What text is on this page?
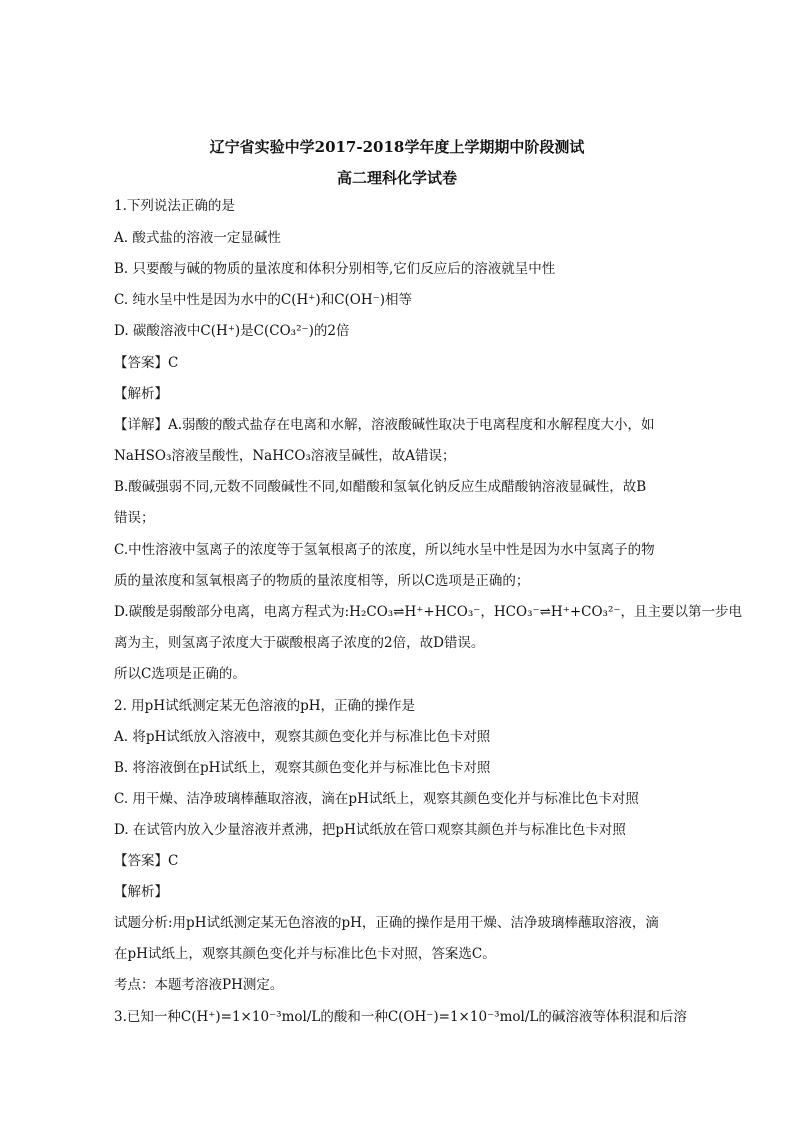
辽宁省实验中学2017-2018学年度上学期期中阶段测试
高二理科化学试卷
1.下列说法正确的是
A. 酸式盐的溶液一定显碱性
B. 只要酸与碱的物质的量浓度和体积分别相等,它们反应后的溶液就呈中性
C. 纯水呈中性是因为水中的C(H⁺)和C(OH⁻)相等
D. 碳酸溶液中C(H⁺)是C(CO₃²⁻)的2倍
【答案】C
【解析】
【详解】A.弱酸的酸式盐存在电离和水解，溶液酸碱性取决于电离程度和水解程度大小，如
NaHSO₃溶液呈酸性，NaHCO₃溶液呈碱性，故A错误；
B.酸碱强弱不同,元数不同酸碱性不同,如醋酸和氢氧化钠反应生成醋酸钠溶液显碱性，故B
错误；
C.中性溶液中氢离子的浓度等于氢氧根离子的浓度，所以纯水呈中性是因为水中氢离子的物
质的量浓度和氢氧根离子的物质的量浓度相等，所以C选项是正确的；
D.碳酸是弱酸部分电离，电离方程式为:H₂CO₃⇌H⁺+HCO₃⁻，HCO₃⁻⇌H⁺+CO₃²⁻，且主要以第一步电
离为主，则氢离子浓度大于碳酸根离子浓度的2倍，故D错误。
所以C选项是正确的。
2. 用pH试纸测定某无色溶液的pH，正确的操作是
A. 将pH试纸放入溶液中，观察其颜色变化并与标准比色卡对照
B. 将溶液倒在pH试纸上，观察其颜色变化并与标准比色卡对照
C. 用干燥、洁净玻璃棒蘸取溶液，滴在pH试纸上，观察其颜色变化并与标准比色卡对照
D. 在试管内放入少量溶液并煮沸，把pH试纸放在管口观察其颜色并与标准比色卡对照
【答案】C
【解析】
试题分析:用pH试纸测定某无色溶液的pH，正确的操作是用干燥、洁净玻璃棒蘸取溶液，滴
在pH试纸上，观察其颜色变化并与标准比色卡对照，答案选C。
考点：本题考溶液PH测定。
3.已知一种C(H⁺)=1×10⁻³mol/L的酸和一种C(OH⁻)=1×10⁻³mol/L的碱溶液等体积混和后溶
